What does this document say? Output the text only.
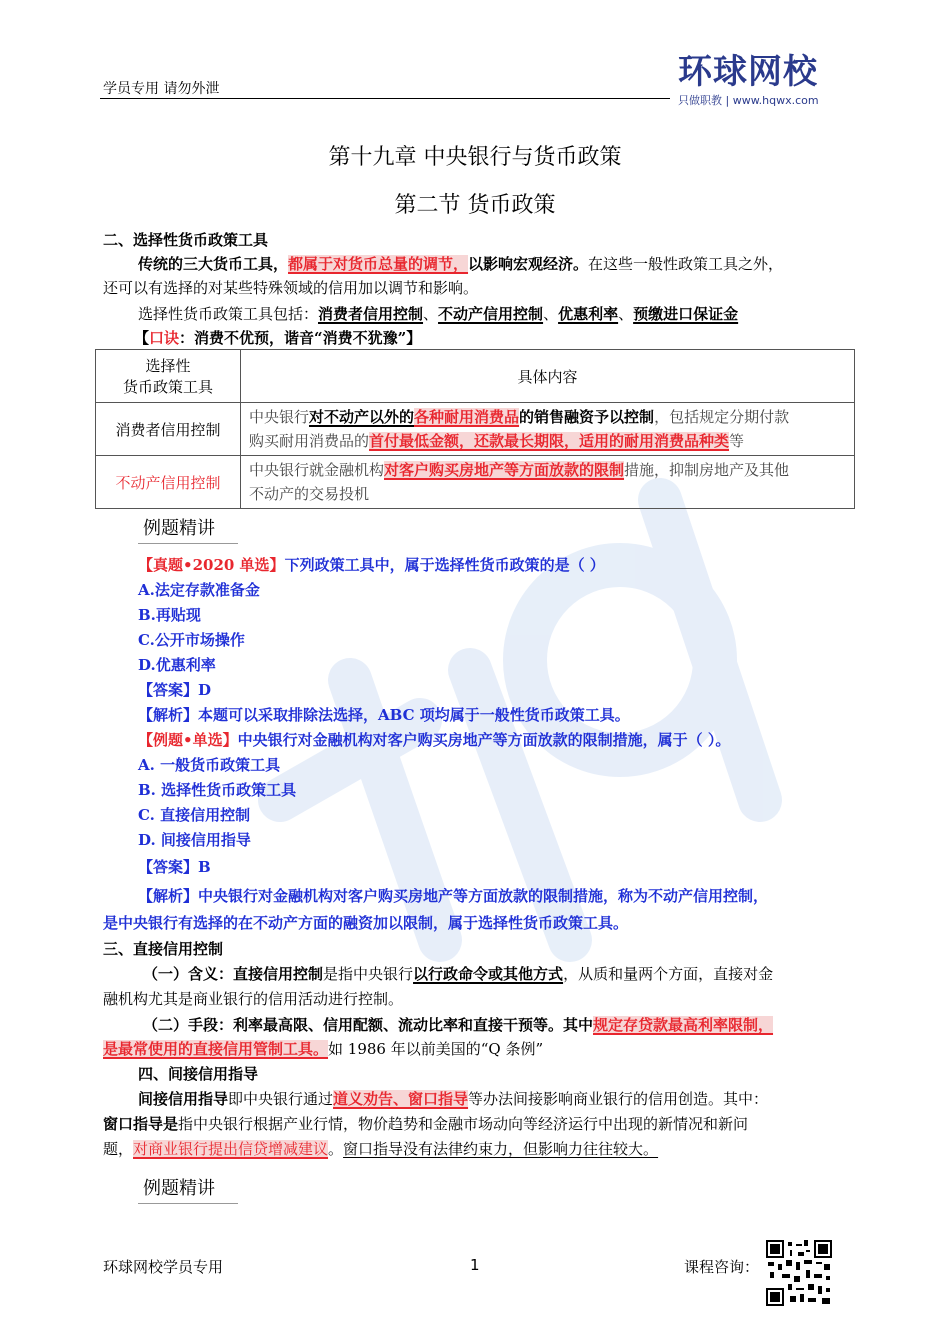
学员专用 请勿外泄	环球网校
只做职教 | www.hqwx.com
第十九章 中央银行与货币政策
第二节 货币政策
二、选择性货币政策工具
传统的三大货币工具，都属于对货币总量的调节，以影响宏观经济。在这些一般性政策工具之外，
还可以有选择的对某些特殊领域的信用加以调节和影响。
选择性货币政策工具包括：消费者信用控制、不动产信用控制、优惠利率、预缴进口保证金
【口诀：消费不优预，谐音“消费不犹豫”】
选择性
货币政策工具	具体内容
消费者信用控制	中央银行对不动产以外的各种耐用消费品的销售融资予以控制，包括规定分期付款
购买耐用消费品的首付最低金额，还款最长期限，适用的耐用消费品种类等
不动产信用控制	中央银行就金融机构对客户购买房地产等方面放款的限制措施，抑制房地产及其他
不动产的交易投机
例题精讲
【真题•2020 单选】下列政策工具中，属于选择性货币政策的是（ ）
A.法定存款准备金
B.再贴现
C.公开市场操作
D.优惠利率
【答案】D
【解析】本题可以采取排除法选择，ABC 项均属于一般性货币政策工具。
【例题•单选】中央银行对金融机构对客户购买房地产等方面放款的限制措施，属于（ ）。
A. 一般货币政策工具
B. 选择性货币政策工具
C. 直接信用控制
D. 间接信用指导
【答案】B
【解析】中央银行对金融机构对客户购买房地产等方面放款的限制措施，称为不动产信用控制，
是中央银行有选择的在不动产方面的融资加以限制，属于选择性货币政策工具。
三、直接信用控制
（一）含义：直接信用控制是指中央银行以行政命令或其他方式，从质和量两个方面，直接对金
融机构尤其是商业银行的信用活动进行控制。
（二）手段：利率最高限、信用配额、流动比率和直接干预等。其中规定存贷款最高利率限制，
是最常使用的直接信用管制工具。如 1986 年以前美国的“Q 条例”
四、间接信用指导
间接信用指导即中央银行通过道义劝告、窗口指导等办法间接影响商业银行的信用创造。其中：
窗口指导是指中央银行根据产业行情，物价趋势和金融市场动向等经济运行中出现的新情况和新问
题，对商业银行提出信贷增减建议。窗口指导没有法律约束力，但影响力往往较大。
例题精讲
环球网校学员专用	1	课程咨询：
